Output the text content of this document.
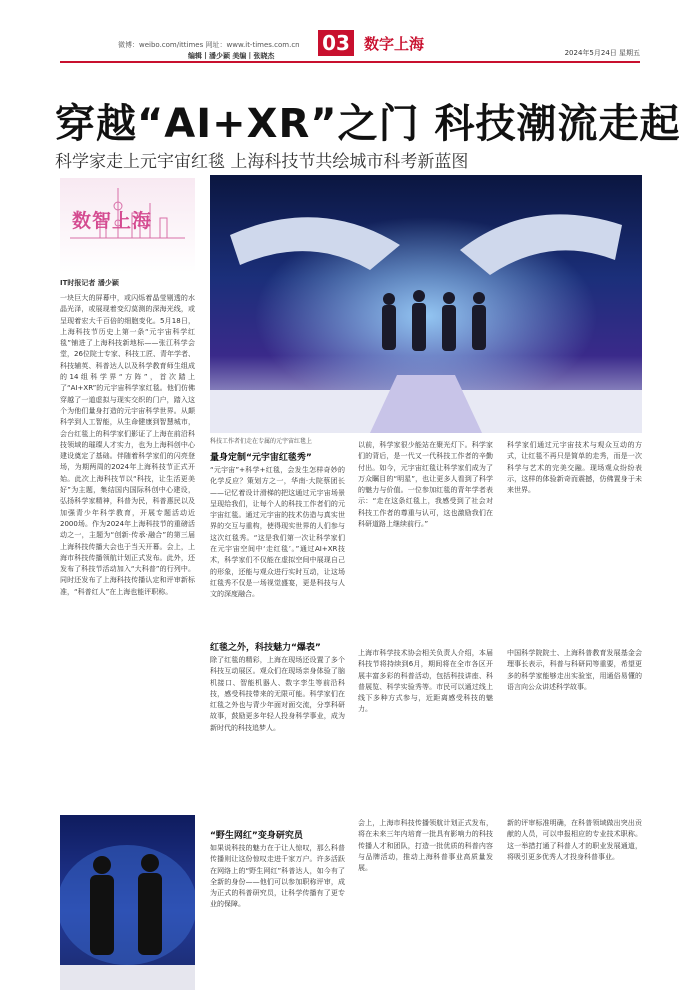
微博：weibo.com/ittimes 网址：www.it-times.com.cn
编辑丨潘少颖 美编丨张晓杰
03 数字上海	2024年5月24日 星期五
穿越“AI+XR”之门 科技潮流走起
科学家走上元宇宙红毯 上海科技节共绘城市科考新蓝图
数智上海
IT时报记者 潘少颖
一块巨大的屏幕中，或闪烁着晶莹剔透的水晶光泽，或展现着变幻莫测的深海光线，或呈现着宏大千百倍的细胞变化。5月18日，上海科技节历史上第一条“元宇宙科学红毯”铺进了上海科技新地标——张江科学会堂，26位院士专家、科技工匠、青年学者、科技辅英、科普达人以及科学教育师生组成的14组科学界“方阵”，首次踏上了“AI+XR”的元宇宙科学家红毯。他们仿佛穿越了一道虚拟与现实交织的门户，踏入这个为他们量身打造的元宇宙科学世界。从颠科学到人工智能，从生命健康到智慧城市，会台红毯上的科学家们影证了上海在前沿科技领域的璀璨人才实力，也为上海科创中心建设奠定了基础。伴随着科学家们的闪亮登场，为期两周的2024年上海科技节正式开始。此次上海科技节以“科技，让生活更美好”为主题，集结国内国际科创中心建设，弘扬科学家精神，科普为民，科普惠民以及加强青少年科学教育，开展专题活动近2000场。作为2024年上海科技节的重磅活动之一，主题为“创新·传承·融合”的第三届上海科技传播大会也于当天开幕。会上，上海市科技传播领航计划正式发布。此外，还发布了科技节活动加入“大科普”的行列中。同时还发布了上海科技传播认定和评审新标准，“科普红人”在上海也能评职称。
科技工作者们走在专属的元宇宙红毯上
量身定制“元宇宙红毯秀”
“元宇宙”+科学+红毯，会发生怎样奇妙的化学反应？策划方之一，华南·大院蔡团长——记忆着设计滑梯的把这通过元宇宙场景呈现给我们，让每个人的科技工作者们的元宇宙红毯。通过元宇宙的技术仿造与真实世界的交互与重构，使得现实世界的人们参与这次红毯秀。“这是我们第一次让科学家们在元宇宙空间中‘走红毯’。”通过AI+XR技术，科学家们不仅能在虚拟空间中展现自己的形象，还能与观众进行实时互动，让这场红毯秀不仅是一场视觉盛宴，更是科技与人文的深度融合。
红毯之外，科技魅力“爆表”
除了红毯的精彩，上海在现场还设置了多个科技互动展区。观众们在现场亲身体验了脑机接口、智能机器人、数字孪生等前沿科技，感受科技带来的无限可能。科学家们在红毯之外也与青少年面对面交流，分享科研故事，鼓励更多年轻人投身科学事业，成为新时代的科技追梦人。
“野生网红”变身研究员
如果说科技的魅力在于让人惊叹，那么科普传播则让这份惊叹走进千家万户。许多活跃在网络上的“野生网红”科普达人，如今有了全新的身份——他们可以参加职称评审，成为正式的科普研究员，让科学传播有了更专业的保障。
以前，科学家很少能站在聚光灯下。科学家们的背后，是一代又一代科技工作者的辛勤付出。如今，元宇宙红毯让科学家们成为了万众瞩目的“明星”，也让更多人看到了科学的魅力与价值。一位参加红毯的青年学者表示：“走在这条红毯上，我感受到了社会对科技工作者的尊重与认可，这也激励我们在科研道路上继续前行。”
上海市科学技术协会相关负责人介绍，本届科技节将持续到6月，期间将在全市各区开展丰富多彩的科普活动，包括科技讲座、科普展览、科学实验秀等。市民可以通过线上线下多种方式参与，近距离感受科技的魅力。
会上，上海市科技传播领航计划正式发布，将在未来三年内培育一批具有影响力的科技传播人才和团队，打造一批优质的科普内容与品牌活动，推动上海科普事业高质量发展。
科学家们通过元宇宙技术与观众互动的方式，让红毯不再只是简单的走秀，而是一次科学与艺术的完美交融。现场观众纷纷表示，这样的体验新奇而震撼，仿佛置身于未来世界。
中国科学院院士、上海科普教育发展基金会理事长表示，科普与科研同等重要，希望更多的科学家能够走出实验室，用通俗易懂的语言向公众讲述科学故事。
新的评审标准明确，在科普领域做出突出贡献的人员，可以申报相应的专业技术职称。这一举措打通了科普人才的职业发展通道，将吸引更多优秀人才投身科普事业。
